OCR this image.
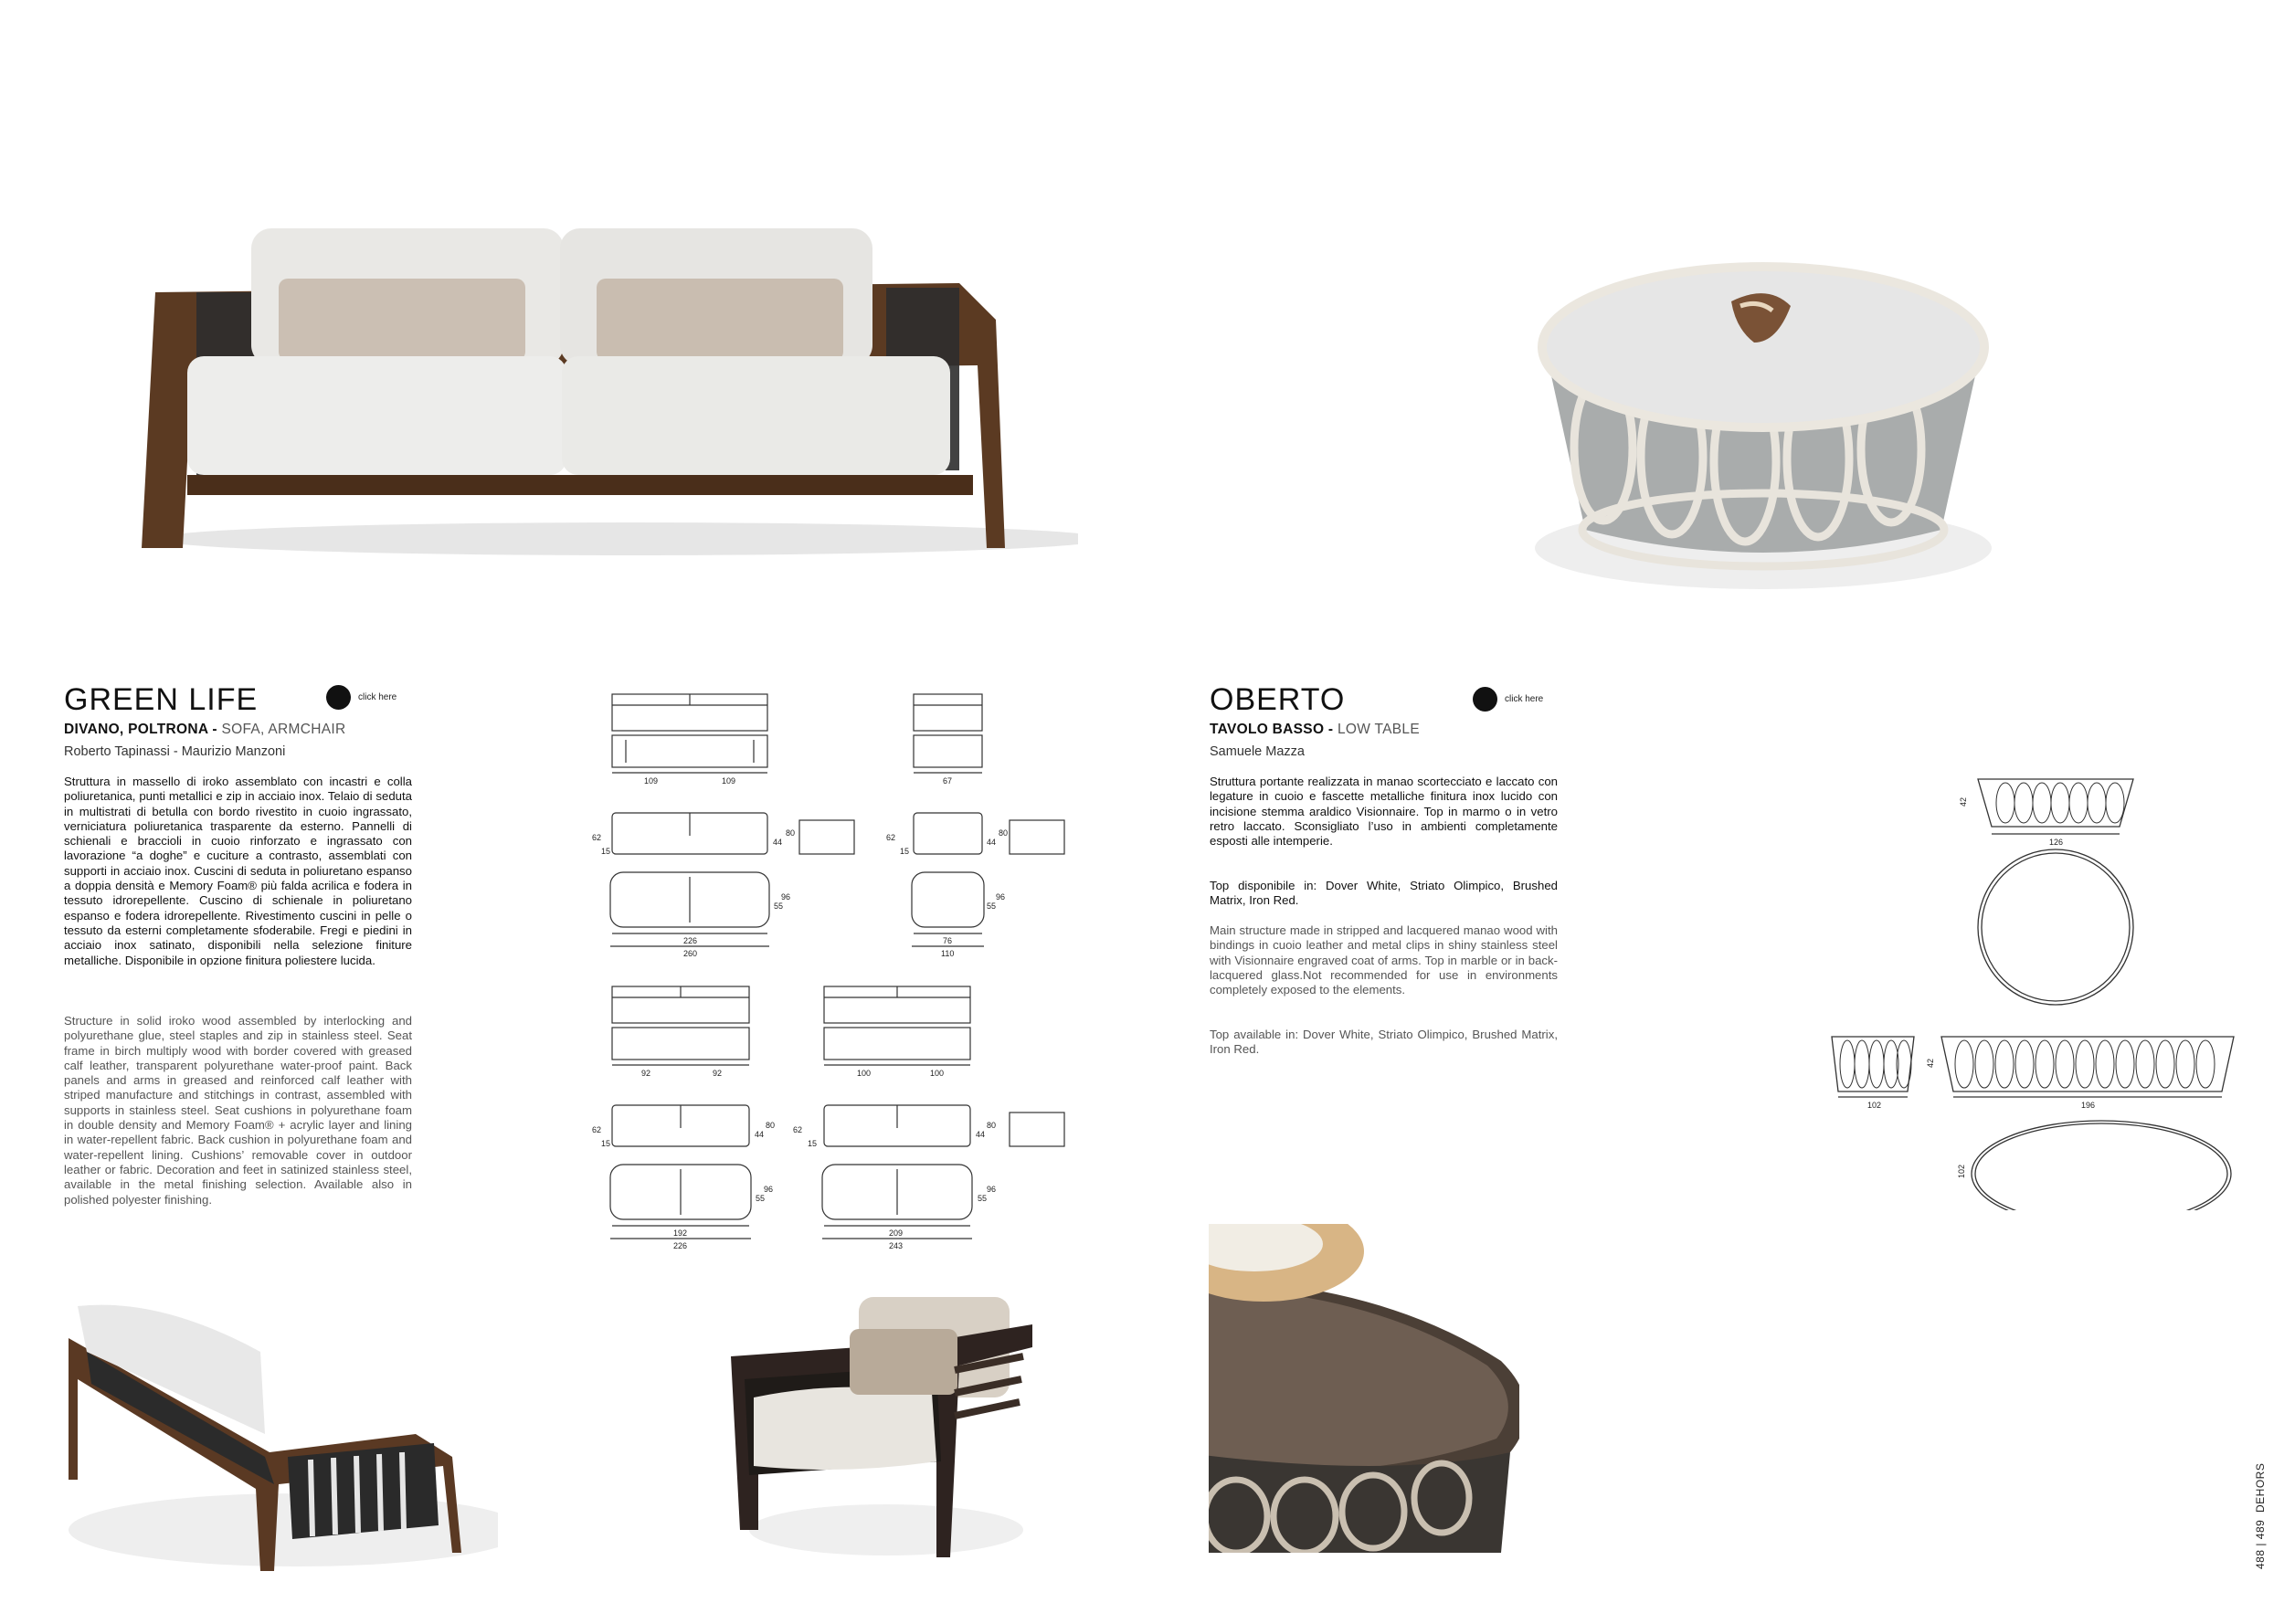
GREEN LIFE	click here
DIVANO, POLTRONA - SOFA, ARMCHAIR
Roberto Tapinassi - Maurizio Manzoni
Struttura in massello di iroko assemblato con incastri e colla poliuretanica, punti metallici e zip in acciaio inox. Telaio di seduta in multistrati di betulla con bordo rivestito in cuoio ingrassato, verniciatura poliuretanica trasparente da esterno. Pannelli di schienali e braccioli in cuoio rinforzato e ingrassato con lavorazione “a doghe” e cuciture a contrasto, assemblati con supporti in acciaio inox. Cuscini di seduta in poliuretano espanso a doppia densità e Memory Foam® più falda acrilica e fodera in tessuto idrorepellente. Cuscino di schienale in poliuretano espanso e fodera idrorepellente. Rivestimento cuscini in pelle o tessuto da esterni completamente sfoderabile. Fregi e piedini in acciaio inox satinato, disponibili nella selezione finiture metalliche. Disponibile in opzione finitura poliestere lucida.
Structure in solid iroko wood assembled by interlocking and polyurethane glue, steel staples and zip in stainless steel. Seat frame in birch multiply wood with border covered with greased calf leather, transparent polyurethane water-proof paint. Back panels and arms in greased and reinforced calf leather with striped manufacture and stitchings in contrast, assembled with supports in stainless steel. Seat cushions in polyurethane foam in double density and Memory Foam® + acrylic layer and lining in water-repellent fabric. Back cushion in polyurethane foam and water-repellent lining. Cushions’ removable cover in outdoor leather or fabric. Decoration and feet in satinized stainless steel, available in the metal finishing selection. Available also in polished polyester finishing.
OBERTO	click here
TAVOLO BASSO - LOW TABLE
Samuele Mazza
Struttura portante realizzata in manao scortecciato e laccato con legature in cuoio e fascette metalliche finitura inox lucido con incisione stemma araldico Visionnaire. Top in marmo o in vetro retro laccato. Sconsigliato l’uso in ambienti completamente esposti alle intemperie.
Top disponibile in: Dover White, Striato Olimpico, Brushed Matrix, Iron Red.
Main structure made in stripped and lacquered manao wood with bindings in cuoio leather and metal clips in shiny stainless steel with Visionnaire engraved coat of arms. Top in marble or in back-lacquered glass.Not recommended for use in environments completely exposed to the elements.
Top available in: Dover White, Striato Olimpico, Brushed Matrix, Iron Red.
109	109
62
15
44
80
55
96
226
260
67
62
15
44
80
55
96
76
110
92	92
62
15
44
80
55
96
192
226
100	100
62
15
44
80
55
96
209
243
42
126
42
102	196
102
488 | 489  DEHORS
